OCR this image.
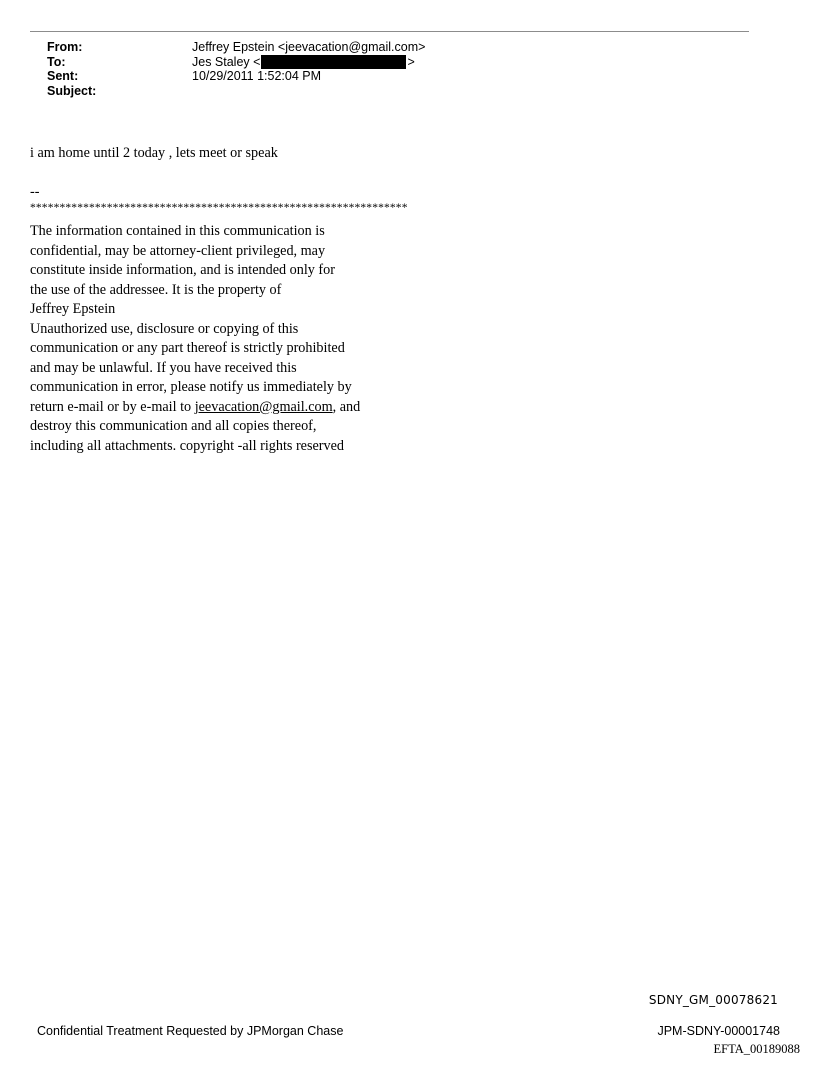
From:	Jeffrey Epstein <jeevacation@gmail.com>
To:	Jes Staley <	>
Sent:	10/29/2011 1:52:04 PM
Subject:
i am home until 2 today , lets meet or speak
--
****************************************************************
The information contained in this communication is
confidential, may be attorney-client privileged, may
constitute inside information, and is intended only for
the use of the addressee. It is the property of
Jeffrey Epstein
Unauthorized use, disclosure or copying of this
communication or any part thereof is strictly prohibited
and may be unlawful. If you have received this
communication in error, please notify us immediately by
return e-mail or by e-mail to jeevacation@gmail.com, and
destroy this communication and all copies thereof,
including all attachments. copyright -all rights reserved
SDNY_GM_00078621
Confidential Treatment Requested by JPMorgan Chase	JPM-SDNY-00001748
EFTA_00189088
